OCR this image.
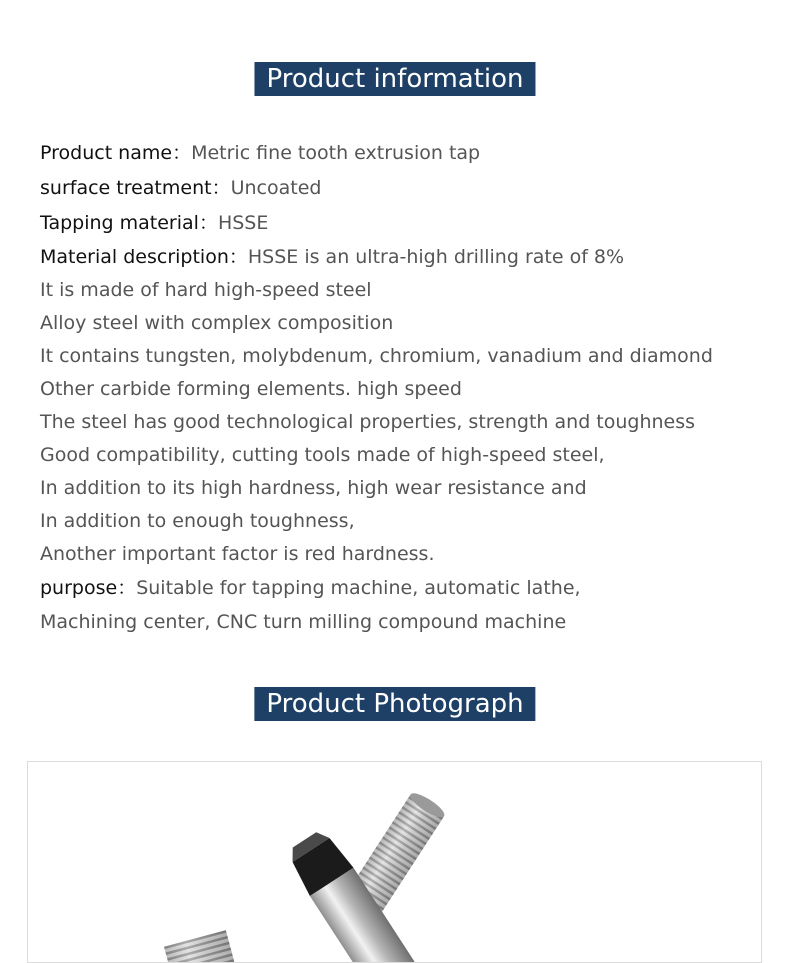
Product information
Product name：Metric fine tooth extrusion tap
surface treatment：Uncoated
Tapping material：HSSE
Material description：HSSE is an ultra-high drilling rate of 8%
It is made of hard high-speed steel
Alloy steel with complex composition
It contains tungsten, molybdenum, chromium, vanadium and diamond
Other carbide forming elements. high speed
The steel has good technological properties, strength and toughness
Good compatibility, cutting tools made of high-speed steel,
In addition to its high hardness, high wear resistance and
In addition to enough toughness,
Another important factor is red hardness.
purpose：Suitable for tapping machine, automatic lathe,
Machining center, CNC turn milling compound machine
Product Photograph
